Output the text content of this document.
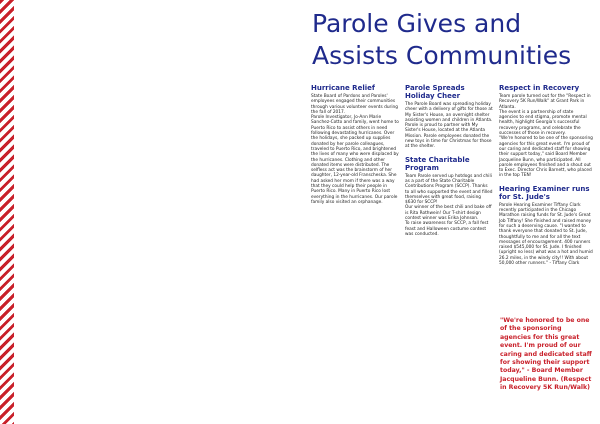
Parole Gives and
Assists Communities
Hurricane Relief

State Board of Pardons and Paroles' employees engaged their communities through various volunteer events during the fall of 2017.
Parole Investigator, Jo-Ann Marie Sanchez-Cotto and family, went home to Puerto Rico to assist others in need following devastating hurricanes. Over the holidays, she packed up supplies donated by her parole colleagues, traveled to Puerto Rico, and brightened the lives of many who were displaced by the hurricanes. Clothing and other donated items were distributed. The selfless act was the brainstorm of her daughter, 12-year-old Franscheska. She had asked her mom if there was a way that they could help their people in Puerto Rico. Many in Puerto Rico lost everything in the hurricanes. Our parole family also visited an orphanage.

Parole Spreads Holiday Cheer

The Parole Board was spreading holiday cheer with a delivery of gifts for those at My Sister's House, an overnight shelter assisting women and children in Atlanta. Parole is proud to partner with My Sister's House, located at the Atlanta Mission. Parole employees donated the new toys in time for Christmas for those at the shelter.

State Charitable Program

Team Parole served up hotdogs and chili as a part of the State Charitable Contributions Program (SCCP). Thanks to all who supported the event and filled themselves with great food, raising $630 for SCCP!
Our winner of the best chili and bake off is Rita Rothwein! Our T-shirt design contest winner was Erika Johnson.
To raise awareness for SCCP, a fall fest feast and Halloween costume contest was conducted.

Respect in Recovery

Team parole turned out for the "Respect in Recovery 5K Run/Walk" at Grant Park in Atlanta.
The event is a partnership of state agencies to end stigma, promote mental health, highlight Georgia's successful recovery programs, and celebrate the successes of those in recovery.
"We're honored to be one of the sponsoring agencies for this great event. I'm proud of our caring and dedicated staff for showing their support today," said Board Member Jacqueline Bunn, who participated. All parole employees finished and a shout out to Exec. Director Chris Barnett, who placed in the top TEN!

Hearing Examiner runs for St. Jude's

Parole Hearing Examiner Tiffany Clark recently participated in the Chicago Marathon raising funds for St. Jude's Great Job Tiffany! She finished and raised money for such a deserving cause. "I wanted to thank everyone that donated to St. Jude, thoughtfully to me and for all the text messages of encouragement. 400 runners raised $545,000 for St. Jude. I finished (upright no less) what was a hot and humid 26.2 miles, in the windy city!! With about 50,000 other runners." - Tiffany Clark

"We're honored to be one of the sponsoring agencies for this great event. I'm proud of our caring and dedicated staff for showing their support today," - Board Member Jacqueline Bunn. (Respect in Recovery 5K Run/Walk)
